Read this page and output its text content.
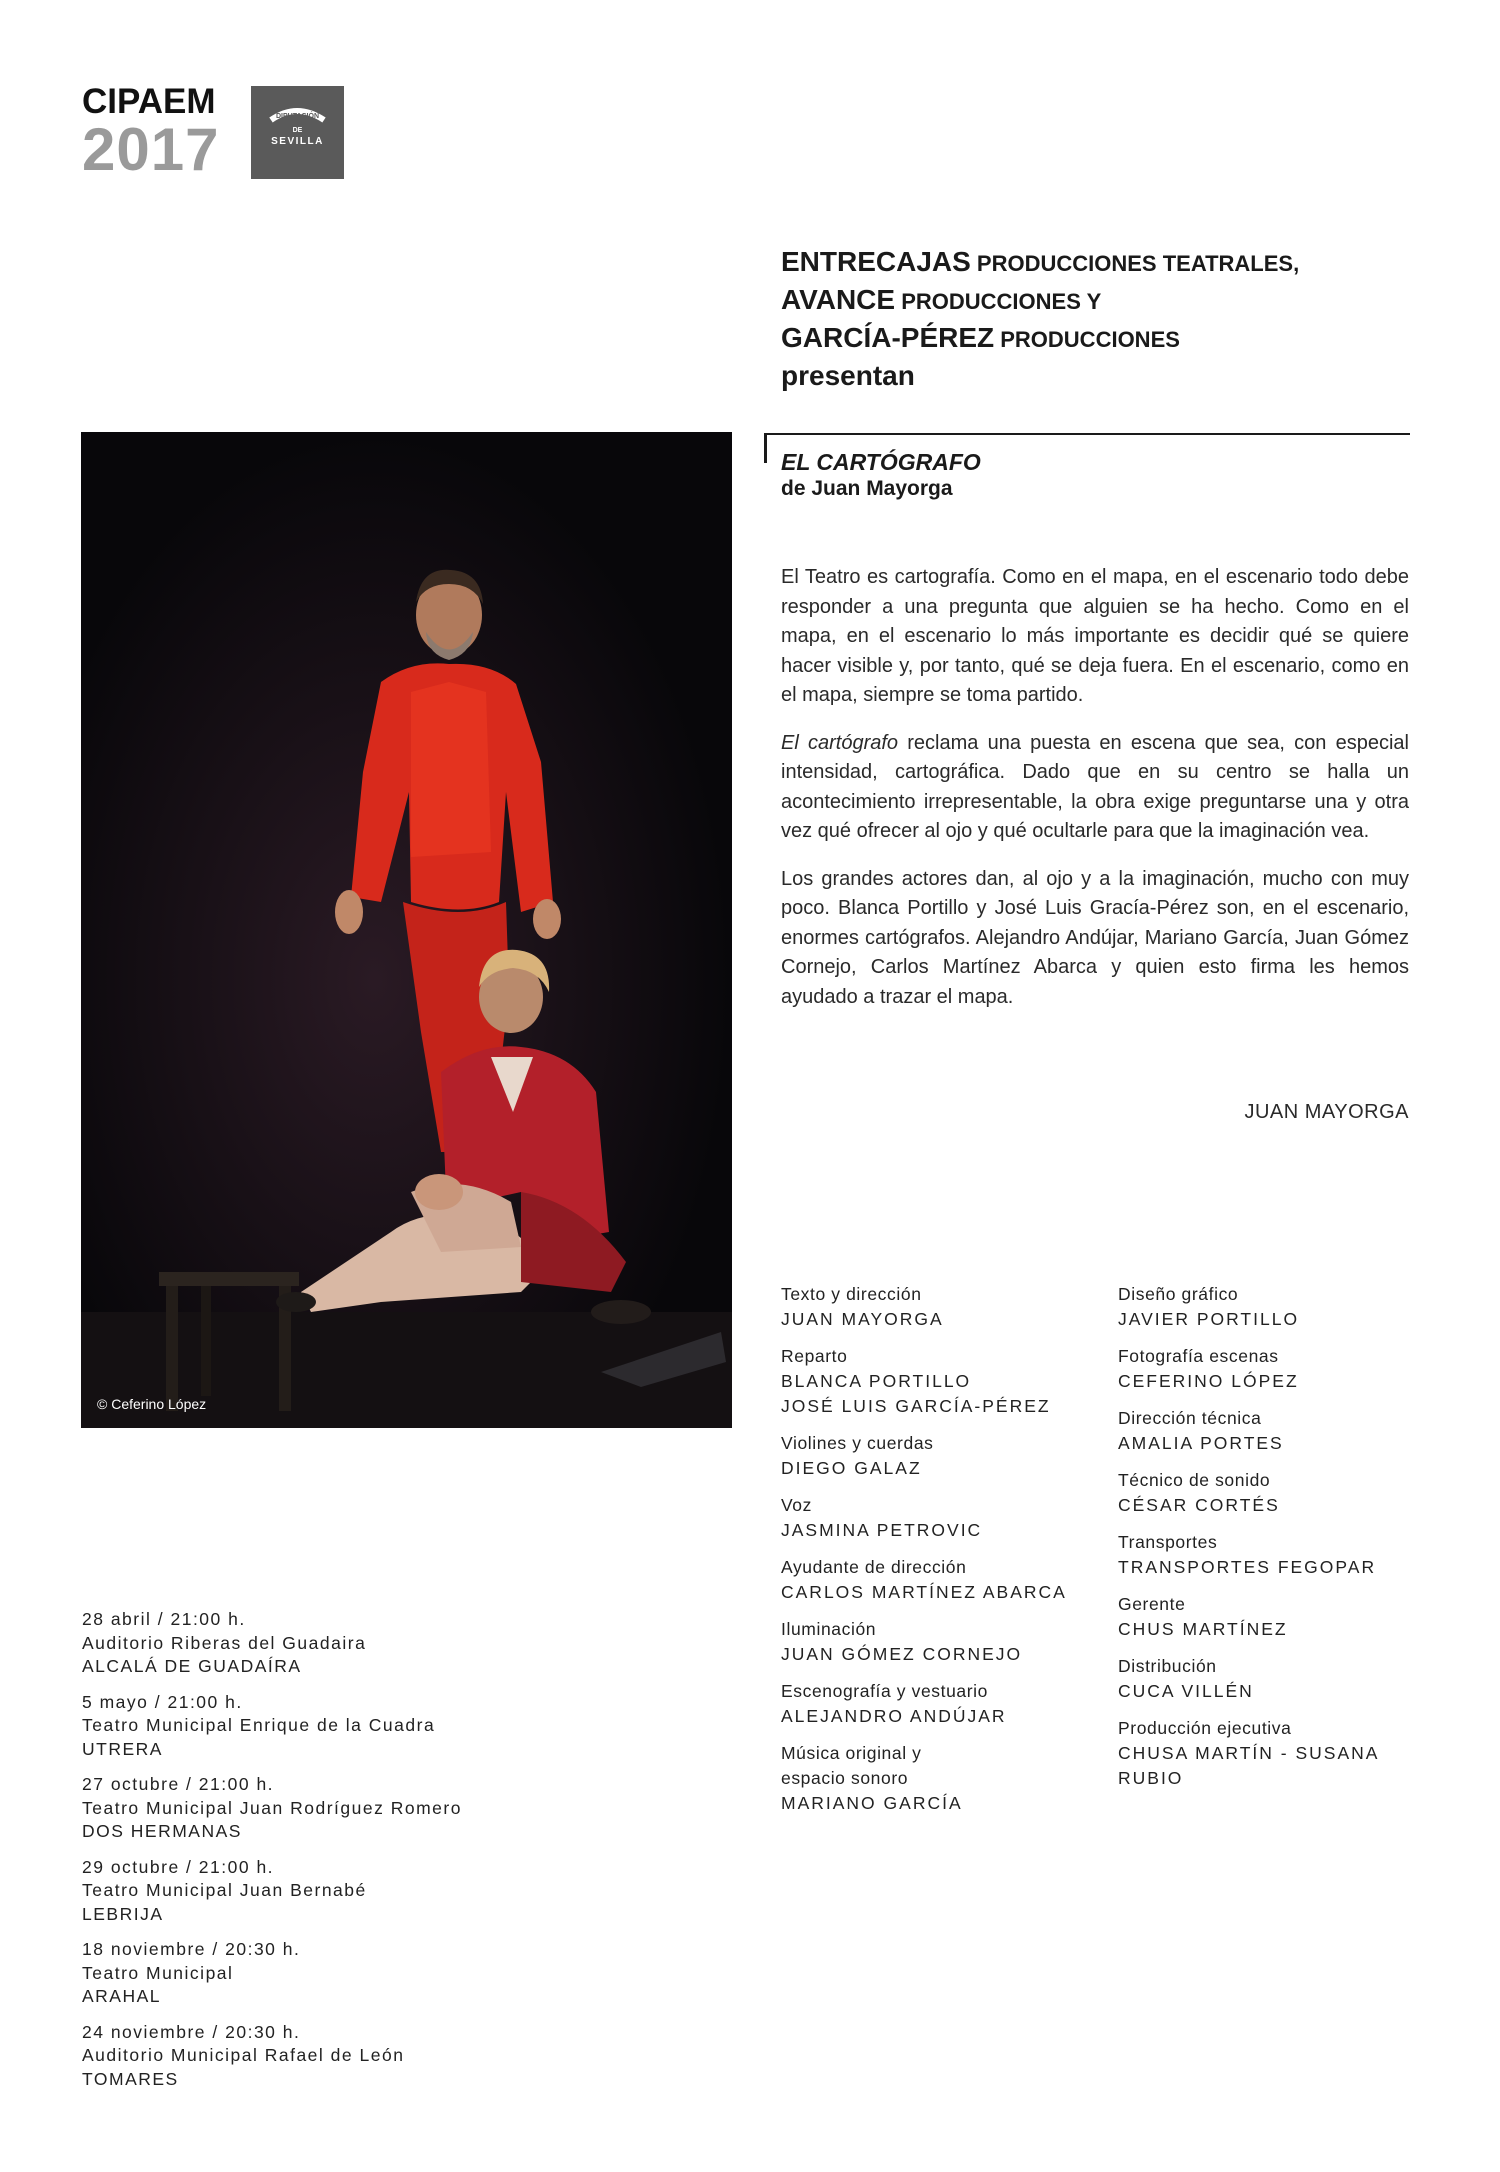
CIPAEM
2017	DIPUTACIÓN
DE
SEVILLA
ENTRECAJAS PRODUCCIONES TEATRALES,
AVANCE PRODUCCIONES Y
GARCÍA-PÉREZ PRODUCCIONES
presentan
© Ceferino López
EL CARTÓGRAFO
de Juan Mayorga

El Teatro es cartografía. Como en el mapa, en el escenario todo debe responder a una pregunta que alguien se ha hecho. Como en el mapa, en el escenario lo más importante es decidir qué se quiere hacer visible y, por tanto, qué se deja fuera. En el escenario, como en el mapa, siempre se toma partido.

El cartógrafo reclama una puesta en escena que sea, con especial intensidad, cartográfica. Dado que en su centro se halla un acontecimiento irrepresentable, la obra exige preguntarse una y otra vez qué ofrecer al ojo y qué ocultarle para que la imaginación vea.

Los grandes actores dan, al ojo y a la imaginación, mucho con muy poco. Blanca Portillo y José Luis Gracía-Pérez son, en el escenario, enormes cartógrafos. Alejandro Andújar, Mariano García, Juan Gómez Cornejo, Carlos Martínez Abarca y quien esto firma les hemos ayudado a trazar el mapa.

JUAN MAYORGA
Texto y dirección
JUAN MAYORGA
Reparto
BLANCA PORTILLO
JOSÉ LUIS GARCÍA-PÉREZ
Violines y cuerdas
DIEGO GALAZ
Voz
JASMINA PETROVIC
Ayudante de dirección
CARLOS MARTÍNEZ ABARCA
Iluminación
JUAN GÓMEZ CORNEJO
Escenografía y vestuario
ALEJANDRO ANDÚJAR
Música original y
espacio sonoro
MARIANO GARCÍA
Diseño gráfico
JAVIER PORTILLO
Fotografía escenas
CEFERINO LÓPEZ
Dirección técnica
AMALIA PORTES
Técnico de sonido
CÉSAR CORTÉS
Transportes
TRANSPORTES FEGOPAR
Gerente
CHUS MARTÍNEZ
Distribución
CUCA VILLÉN
Producción ejecutiva
CHUSA MARTÍN - SUSANA
RUBIO
28 abril / 21:00 h.
Auditorio Riberas del Guadaira
ALCALÁ DE GUADAÍRA
5 mayo / 21:00 h.
Teatro Municipal Enrique de la Cuadra
UTRERA
27 octubre / 21:00 h.
Teatro Municipal Juan Rodríguez Romero
DOS HERMANAS
29 octubre / 21:00 h.
Teatro Municipal Juan Bernabé
LEBRIJA
18 noviembre / 20:30 h.
Teatro Municipal
ARAHAL
24 noviembre / 20:30 h.
Auditorio Municipal Rafael de León
TOMARES
